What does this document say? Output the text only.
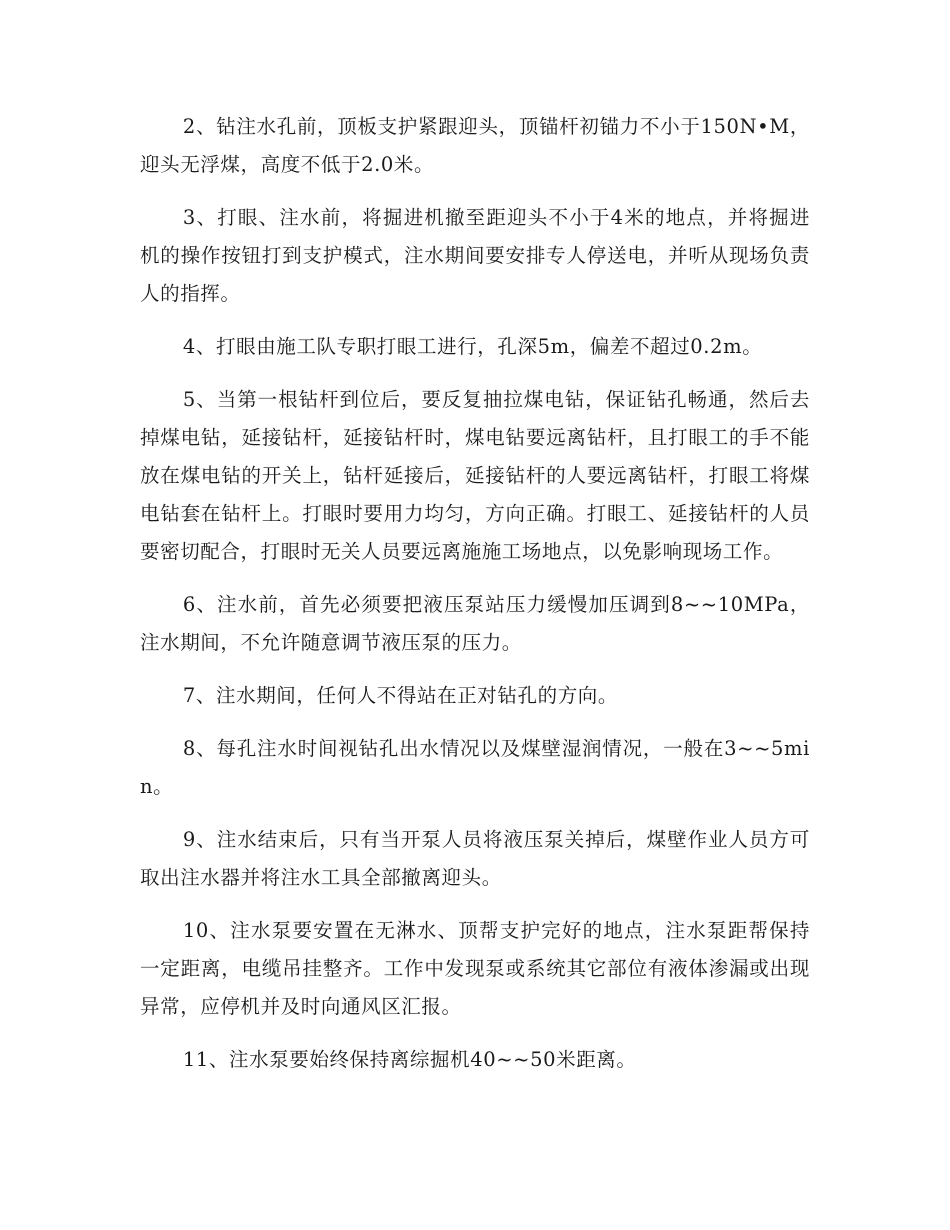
2、钻注水孔前，顶板支护紧跟迎头，顶锚杆初锚力不小于150N•M，迎头无浮煤，高度不低于2.0米。

3、打眼、注水前，将掘进机撤至距迎头不小于4米的地点，并将掘进机的操作按钮打到支护模式，注水期间要安排专人停送电，并听从现场负责人的指挥。

4、打眼由施工队专职打眼工进行，孔深5m，偏差不超过0.2m。

5、当第一根钻杆到位后，要反复抽拉煤电钻，保证钻孔畅通，然后去掉煤电钻，延接钻杆，延接钻杆时，煤电钻要远离钻杆，且打眼工的手不能放在煤电钻的开关上，钻杆延接后，延接钻杆的人要远离钻杆，打眼工将煤电钻套在钻杆上。打眼时要用力均匀，方向正确。打眼工、延接钻杆的人员要密切配合，打眼时无关人员要远离施施工场地点，以免影响现场工作。

6、注水前，首先必须要把液压泵站压力缓慢加压调到8~~10MPa，注水期间，不允许随意调节液压泵的压力。

7、注水期间，任何人不得站在正对钻孔的方向。

8、每孔注水时间视钻孔出水情况以及煤壁湿润情况，一般在3~~5min。

9、注水结束后，只有当开泵人员将液压泵关掉后，煤壁作业人员方可取出注水器并将注水工具全部撤离迎头。

10、注水泵要安置在无淋水、顶帮支护完好的地点，注水泵距帮保持一定距离，电缆吊挂整齐。工作中发现泵或系统其它部位有液体渗漏或出现异常，应停机并及时向通风区汇报。

11、注水泵要始终保持离综掘机40~~50米距离。
